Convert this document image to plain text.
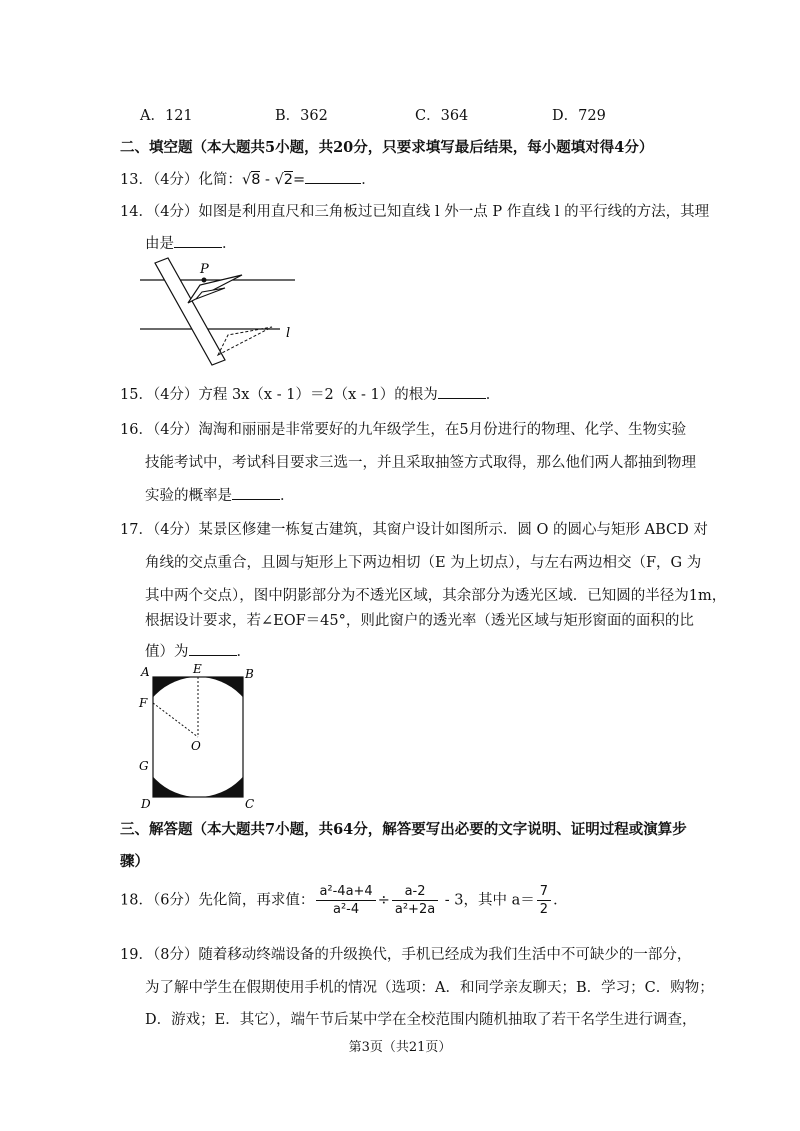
A．121	B．362	C．364	D．729
二、填空题（本大题共5小题，共20分，只要求填写最后结果，每小题填对得4分）
13．（4分）化简：√8 - √2=	．
14．（4分）如图是利用直尺和三角板过已知直线 l 外一点 P 作直线 l 的平行线的方法，其理
由是	．
P
l
15．（4分）方程 3x（x - 1）＝2（x - 1）的根为	．
16．（4分）淘淘和丽丽是非常要好的九年级学生，在5月份进行的物理、化学、生物实验
技能考试中，考试科目要求三选一，并且采取抽签方式取得，那么他们两人都抽到物理
实验的概率是	．
17．（4分）某景区修建一栋复古建筑，其窗户设计如图所示．圆 O 的圆心与矩形 ABCD 对
角线的交点重合，且圆与矩形上下两边相切（E 为上切点），与左右两边相交（F，G 为
其中两个交点），图中阴影部分为不透光区域，其余部分为透光区域．已知圆的半径为1m，
根据设计要求，若∠EOF＝45°，则此窗户的透光率（透光区域与矩形窗面的面积的比
值）为	．
A	B
C
D
E
F
G
O
三、解答题（本大题共7小题，共64分，解答要写出必要的文字说明、证明过程或演算步
骤）
18．（6分）先化简，再求值： $\frac{\text{a²-4a+4}}{\text{a²-4}} \div \frac{a-2}{\text{a²+2a}} - 3$，其中 $a= \frac{7}{2}$ ．
19．（8分）随着移动终端设备的升级换代，手机已经成为我们生活中不可缺少的一部分，
为了解中学生在假期使用手机的情况（选项：A．和同学亲友聊天；B．学习；C．购物；
D．游戏；E．其它），端午节后某中学在全校范围内随机抽取了若干名学生进行调查，
第3页（共21页）
